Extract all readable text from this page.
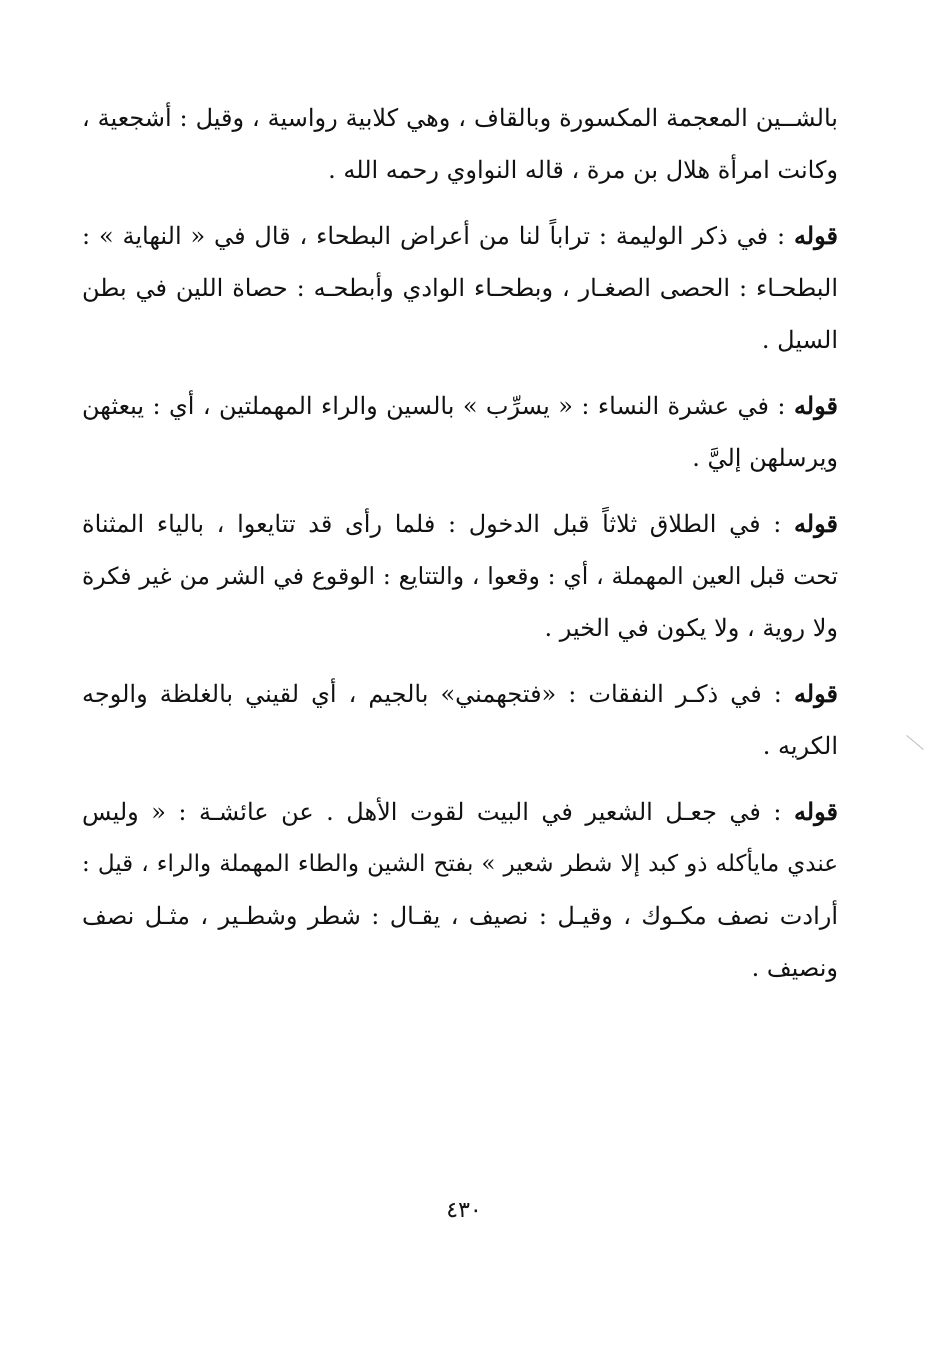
بالشــين المعجمة المكسورة وبالقاف ، وهي كلابية رواسية ، وقيل : أشجعية ،
وكانت امرأة هلال بن مرة ، قاله النواوي رحمه الله .
قوله : في ذكر الوليمة : تراباً لنا من أعراض البطحاء ، قال في « النهاية » :
البطحـاء : الحصى الصغـار ، وبطحـاء الوادي وأبطحـه : حصاة اللين في بطن
السيل .
قوله : في عشرة النساء : « يسرِّب » بالسين والراء المهملتين ، أي : يبعثهن
ويرسلهن إليَّ .
قوله : في الطلاق ثلاثاً قبل الدخول : فلما رأى قد تتايعوا ، بالياء المثناة
تحت قبل العين المهملة ، أي : وقعوا ، والتتايع : الوقوع في الشر من غير فكرة
ولا روية ، ولا يكون في الخير .
قوله : في ذكـر النفقات : «فتجهمني» بالجيم ، أي لقيني بالغلظة والوجه
الكريه .
قوله : في جعـل الشعير في البيت لقوت الأهل . عن عائشـة : « وليس
عندي مايأكله ذو كبد إلا شطر شعير » بفتح الشين والطاء المهملة والراء ، قيل :
أرادت نصف مكـوك ، وقيـل : نصيف ، يقـال : شطر وشطـير ، مثـل نصف
ونصيف .
٤٣٠
